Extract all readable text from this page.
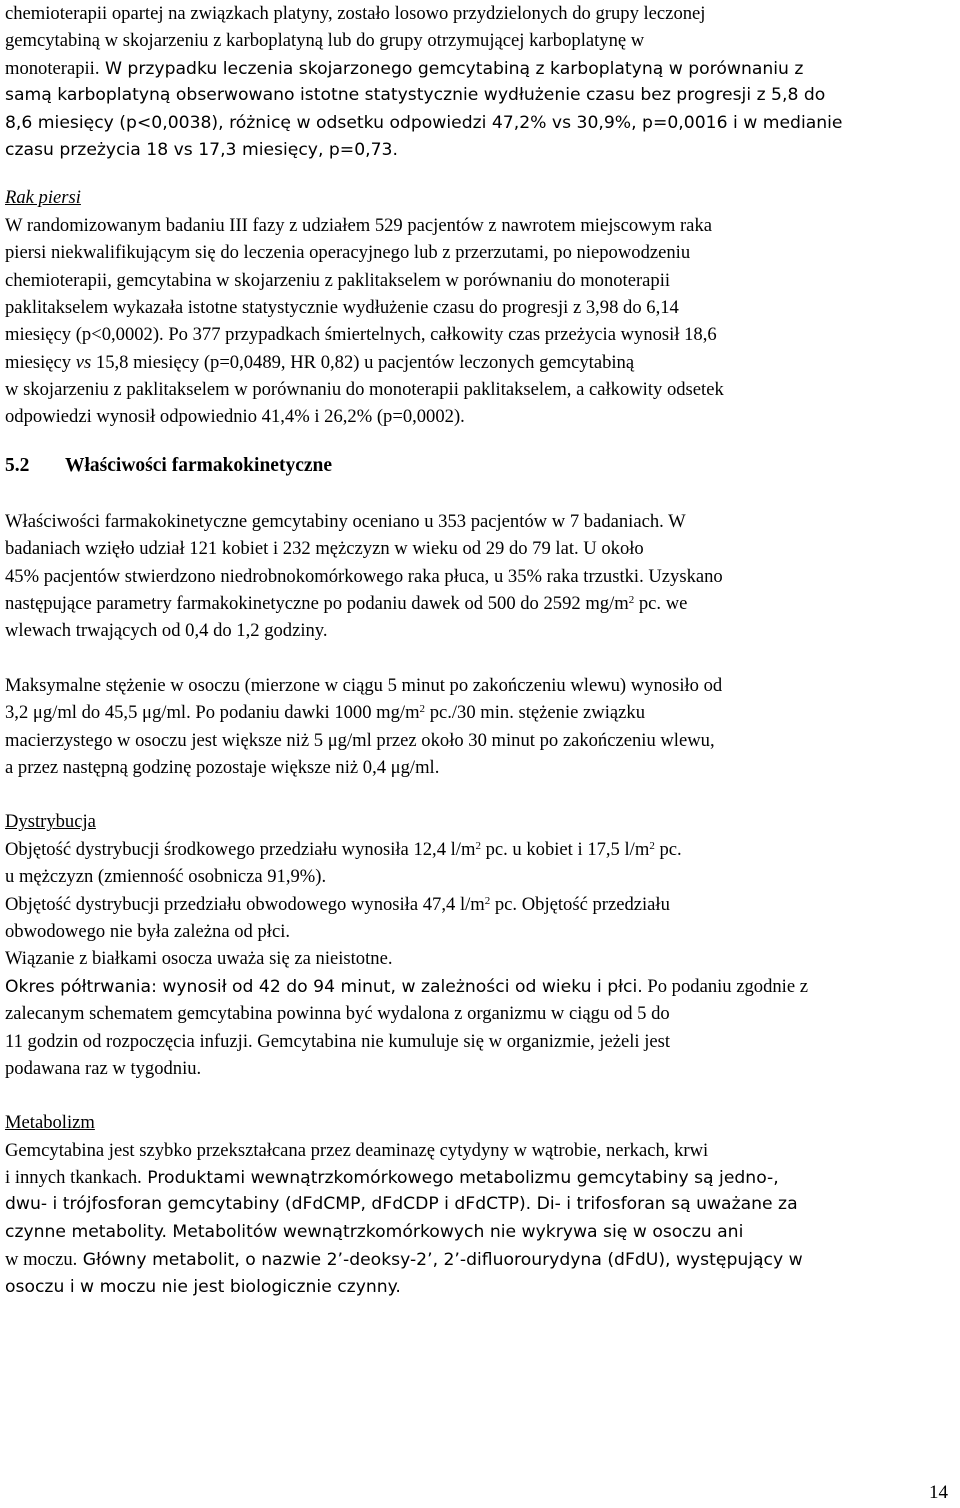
chemioterapii opartej na związkach platyny, zostało losowo przydzielonych do grupy leczonej
gemcytabiną w skojarzeniu z karboplatyną lub do grupy otrzymującej karboplatynę w
monoterapii. W przypadku leczenia skojarzonego gemcytabiną z karboplatyną w porównaniu z
samą karboplatyną obserwowano istotne statystycznie wydłużenie czasu bez progresji z 5,8 do
8,6 miesięcy (p<0,0038), różnicę w odsetku odpowiedzi 47,2% vs 30,9%, p=0,0016 i w medianie
czasu przeżycia 18 vs 17,3 miesięcy, p=0,73.
Rak piersi
W randomizowanym badaniu III fazy z udziałem 529 pacjentów z nawrotem miejscowym raka
piersi niekwalifikującym się do leczenia operacyjnego lub z przerzutami, po niepowodzeniu
chemioterapii, gemcytabina w skojarzeniu z paklitakselem w porównaniu do monoterapii
paklitakselem wykazała istotne statystycznie wydłużenie czasu do progresji z 3,98 do 6,14
miesięcy (p<0,0002). Po 377 przypadkach śmiertelnych, całkowity czas przeżycia wynosił 18,6
miesięcy vs 15,8 miesięcy (p=0,0489, HR 0,82) u pacjentów leczonych gemcytabiną
w skojarzeniu z paklitakselem w porównaniu do monoterapii paklitakselem, a całkowity odsetek
odpowiedzi wynosił odpowiednio 41,4% i 26,2% (p=0,0002).
5.2 Właściwości farmakokinetyczne
Właściwości farmakokinetyczne gemcytabiny oceniano u 353 pacjentów w 7 badaniach. W
badaniach wzięło udział 121 kobiet i 232 mężczyzn w wieku od 29 do 79 lat. U około
45% pacjentów stwierdzono niedrobnokomórkowego raka płuca, u 35% raka trzustki. Uzyskano
następujące parametry farmakokinetyczne po podaniu dawek od 500 do 2592 $mg/m^2$ pc. we
wlewach trwających od 0,4 do 1,2 godziny.
Maksymalne stężenie w osoczu (mierzone w ciągu 5 minut po zakończeniu wlewu) wynosiło od
3,2 μg/ml do 45,5 μg/ml. Po podaniu dawki 1000 $mg/m^2$ pc./30 min. stężenie związku
macierzystego w osoczu jest większe niż 5 μg/ml przez około 30 minut po zakończeniu wlewu,
a przez następną godzinę pozostaje większe niż 0,4 μg/ml.
Dystrybucja
Objętość dystrybucji środkowego przedziału wynosiła 12,4 $l/m^2$ pc. u kobiet i 17,5 $l/m^2$ pc.
u mężczyzn (zmienność osobnicza 91,9%).
Objętość dystrybucji przedziału obwodowego wynosiła 47,4 $l/m^2$ pc. Objętość przedziału
obwodowego nie była zależna od płci.
Wiązanie z białkami osocza uważa się za nieistotne.
Okres półtrwania: wynosił od 42 do 94 minut, w zależności od wieku i płci. Po podaniu zgodnie z
zalecanym schematem gemcytabina powinna być wydalona z organizmu w ciągu od 5 do
11 godzin od rozpoczęcia infuzji. Gemcytabina nie kumuluje się w organizmie, jeżeli jest
podawana raz w tygodniu.
Metabolizm
Gemcytabina jest szybko przekształcana przez deaminazę cytydyny w wątrobie, nerkach, krwi
i innych tkankach. Produktami wewnątrzkomórkowego metabolizmu gemcytabiny są jedno-,
dwu- i trójfosforan gemcytabiny (dFdCMP, dFdCDP i dFdCTP). Di- i trifosforan są uważane za
czynne metabolity. Metabolitów wewnątrzkomórkowych nie wykrywa się w osoczu ani
w moczu. Główny metabolit, o nazwie 2’-deoksy-2’, 2’-difluorourydyna (dFdU), występujący w
osoczu i w moczu nie jest biologicznie czynny.
14
